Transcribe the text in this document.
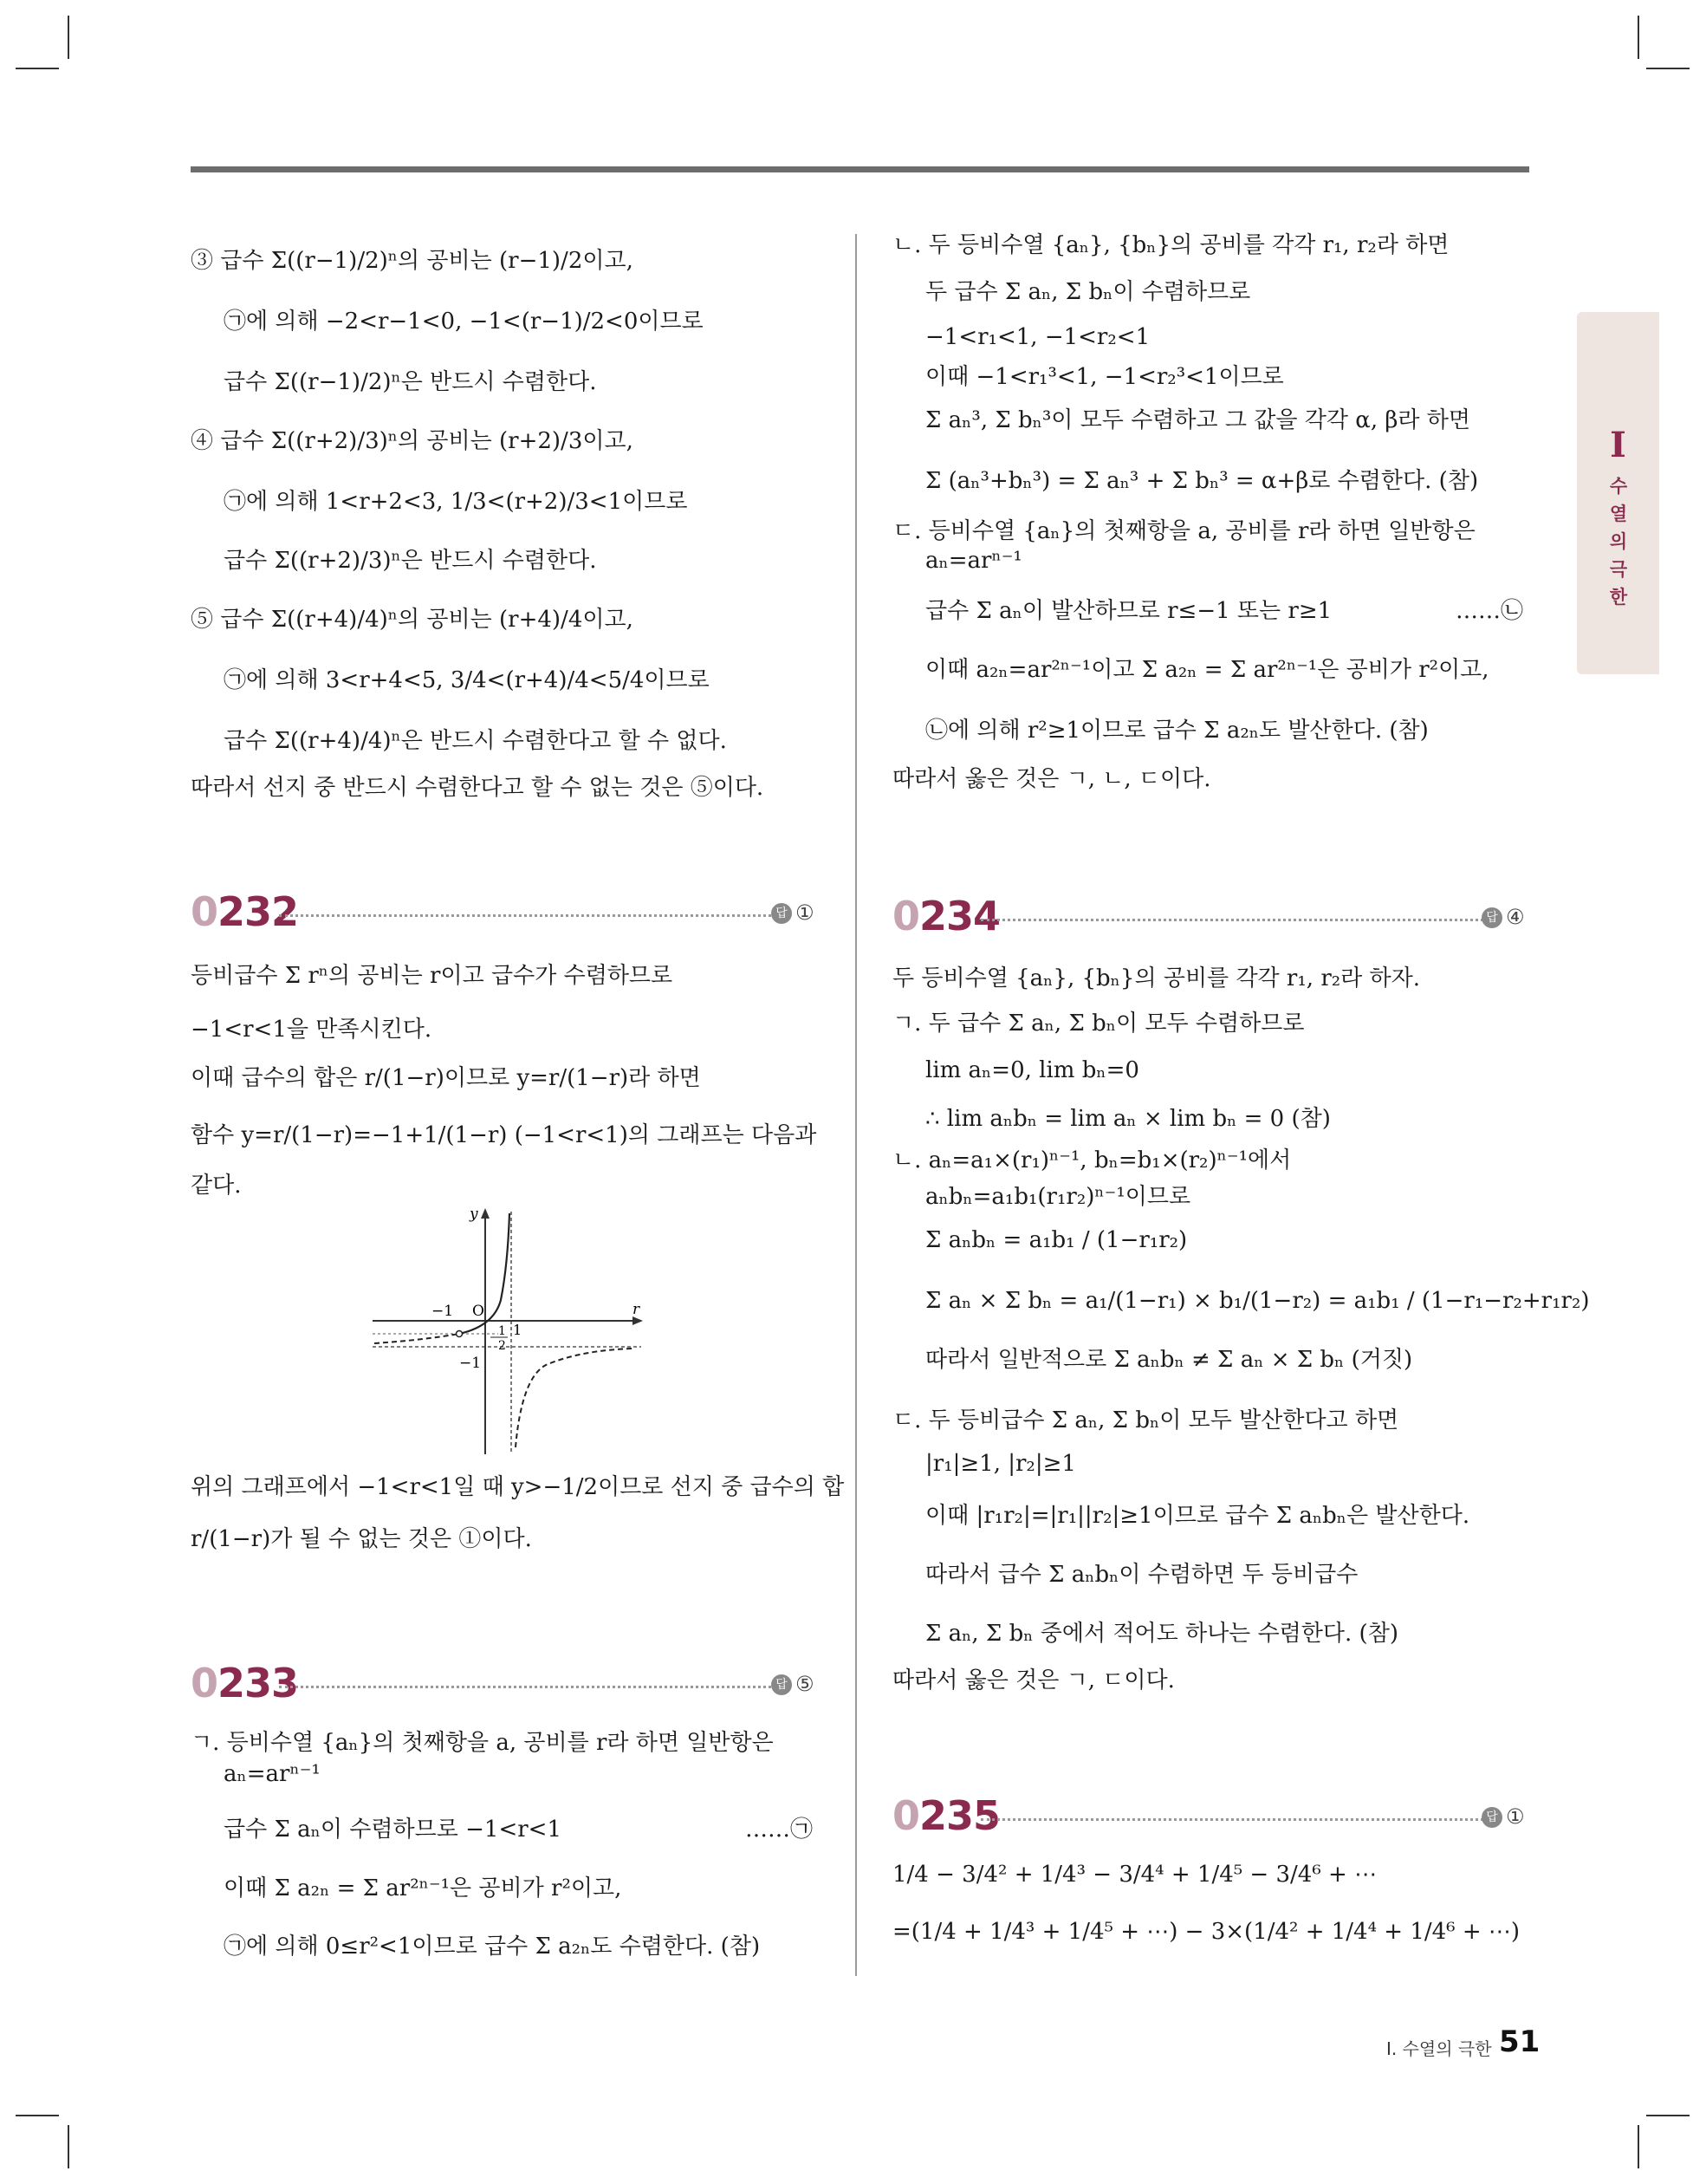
I
수열의 극한
③ 급수 Σ((r−1)/2)ⁿ의 공비는 (r−1)/2이고,
㉠에 의해 −2<r−1<0, −1<(r−1)/2<0이므로
급수 Σ((r−1)/2)ⁿ은 반드시 수렴한다.
④ 급수 Σ((r+2)/3)ⁿ의 공비는 (r+2)/3이고,
㉠에 의해 1<r+2<3, 1/3<(r+2)/3<1이므로
급수 Σ((r+2)/3)ⁿ은 반드시 수렴한다.
⑤ 급수 Σ((r+4)/4)ⁿ의 공비는 (r+4)/4이고,
㉠에 의해 3<r+4<5, 3/4<(r+4)/4<5/4이므로
급수 Σ((r+4)/4)ⁿ은 반드시 수렴한다고 할 수 없다.
따라서 선지 중 반드시 수렴한다고 할 수 없는 것은 ⑤이다.
0232	답 ①
등비급수 Σ rⁿ의 공비는 r이고 급수가 수렴하므로
−1<r<1을 만족시킨다.
이때 급수의 합은 r/(1−r)이므로 y=r/(1−r)라 하면
함수 y=r/(1−r)=−1+1/(1−r) (−1<r<1)의 그래프는 다음과
같다.
y
r
−1 O
1
1
2
−1
위의 그래프에서 −1<r<1일 때 y>−1/2이므로 선지 중 급수의 합
r/(1−r)가 될 수 없는 것은 ①이다.
0233	답 ⑤
ㄱ. 등비수열 {aₙ}의 첫째항을 a, 공비를 r라 하면 일반항은
aₙ=arⁿ⁻¹
급수 Σ aₙ이 수렴하므로 −1<r<1	……㉠
이때 Σ a₂ₙ = Σ ar²ⁿ⁻¹은 공비가 r²이고,
㉠에 의해 0≤r²<1이므로 급수 Σ a₂ₙ도 수렴한다. (참)
ㄴ. 두 등비수열 {aₙ}, {bₙ}의 공비를 각각 r₁, r₂라 하면
두 급수 Σ aₙ, Σ bₙ이 수렴하므로
−1<r₁<1, −1<r₂<1
이때 −1<r₁³<1, −1<r₂³<1이므로
Σ aₙ³, Σ bₙ³이 모두 수렴하고 그 값을 각각 α, β라 하면
Σ (aₙ³+bₙ³) = Σ aₙ³ + Σ bₙ³ = α+β로 수렴한다. (참)
ㄷ. 등비수열 {aₙ}의 첫째항을 a, 공비를 r라 하면 일반항은
aₙ=arⁿ⁻¹
급수 Σ aₙ이 발산하므로 r≤−1 또는 r≥1	……㉡
이때 a₂ₙ=ar²ⁿ⁻¹이고 Σ a₂ₙ = Σ ar²ⁿ⁻¹은 공비가 r²이고,
㉡에 의해 r²≥1이므로 급수 Σ a₂ₙ도 발산한다. (참)
따라서 옳은 것은 ㄱ, ㄴ, ㄷ이다.
0234	답 ④
두 등비수열 {aₙ}, {bₙ}의 공비를 각각 r₁, r₂라 하자.
ㄱ. 두 급수 Σ aₙ, Σ bₙ이 모두 수렴하므로
lim aₙ=0, lim bₙ=0
∴ lim aₙbₙ = lim aₙ × lim bₙ = 0 (참)
ㄴ. aₙ=a₁×(r₁)ⁿ⁻¹, bₙ=b₁×(r₂)ⁿ⁻¹에서
aₙbₙ=a₁b₁(r₁r₂)ⁿ⁻¹이므로
Σ aₙbₙ = a₁b₁ / (1−r₁r₂)
Σ aₙ × Σ bₙ = a₁/(1−r₁) × b₁/(1−r₂) = a₁b₁ / (1−r₁−r₂+r₁r₂)
따라서 일반적으로 Σ aₙbₙ ≠ Σ aₙ × Σ bₙ (거짓)
ㄷ. 두 등비급수 Σ aₙ, Σ bₙ이 모두 발산한다고 하면
|r₁|≥1, |r₂|≥1
이때 |r₁r₂|=|r₁||r₂|≥1이므로 급수 Σ aₙbₙ은 발산한다.
따라서 급수 Σ aₙbₙ이 수렴하면 두 등비급수
Σ aₙ, Σ bₙ 중에서 적어도 하나는 수렴한다. (참)
따라서 옳은 것은 ㄱ, ㄷ이다.
0235	답 ①
1/4 − 3/4² + 1/4³ − 3/4⁴ + 1/4⁵ − 3/4⁶ + ⋯
=(1/4 + 1/4³ + 1/4⁵ + ⋯) − 3×(1/4² + 1/4⁴ + 1/4⁶ + ⋯)
Ⅰ. 수열의 극한 51
